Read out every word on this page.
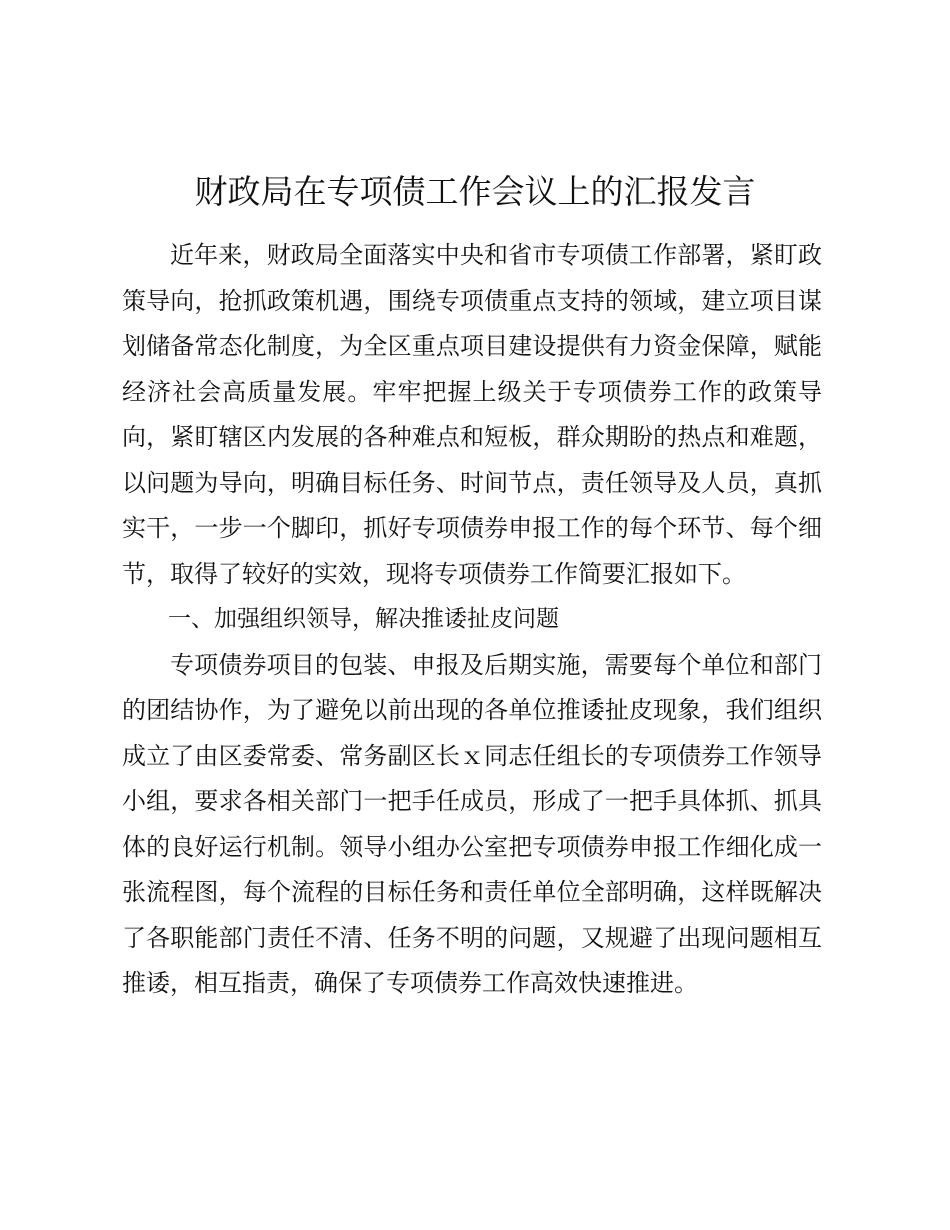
财政局在专项债工作会议上的汇报发言

近年来，财政局全面落实中央和省市专项债工作部署，紧盯政策导向，抢抓政策机遇，围绕专项债重点支持的领域，建立项目谋划储备常态化制度，为全区重点项目建设提供有力资金保障，赋能经济社会高质量发展。牢牢把握上级关于专项债券工作的政策导向，紧盯辖区内发展的各种难点和短板，群众期盼的热点和难题，以问题为导向，明确目标任务、时间节点，责任领导及人员，真抓实干，一步一个脚印，抓好专项债券申报工作的每个环节、每个细节，取得了较好的实效，现将专项债券工作简要汇报如下。

一、加强组织领导，解决推诿扯皮问题

专项债券项目的包装、申报及后期实施，需要每个单位和部门的团结协作，为了避免以前出现的各单位推诿扯皮现象，我们组织成立了由区委常委、常务副区长ｘ同志任组长的专项债券工作领导小组，要求各相关部门一把手任成员，形成了一把手具体抓、抓具体的良好运行机制。领导小组办公室把专项债券申报工作细化成一张流程图，每个流程的目标任务和责任单位全部明确，这样既解决了各职能部门责任不清、任务不明的问题，又规避了出现问题相互推诿，相互指责，确保了专项债券工作高效快速推进。
